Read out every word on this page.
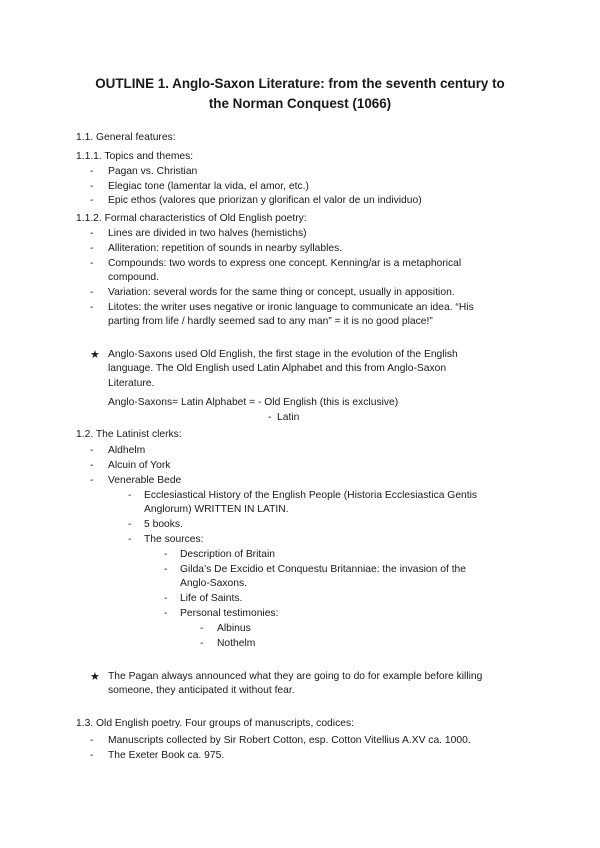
OUTLINE 1. Anglo-Saxon Literature: from the seventh century to
the Norman Conquest (1066)
1.1. General features:
1.1.1. Topics and themes:
- Pagan vs. Christian
- Elegiac tone (lamentar la vida, el amor, etc.)
- Epic ethos (valores que priorizan y glorifican el valor de un individuo)
1.1.2. Formal characteristics of Old English poetry:
- Lines are divided in two halves (hemistichs)
- Alliteration: repetition of sounds in nearby syllables.
- Compounds: two words to express one concept. Kenning/ar is a metaphorical
compound.
- Variation: several words for the same thing or concept, usually in apposition.
- Litotes: the writer uses negative or ironic language to communicate an idea. “His
parting from life / hardly seemed sad to any man” = it is no good place!”
★ Anglo-Saxons used Old English, the first stage in the evolution of the English
language. The Old English used Latin Alphabet and this from Anglo-Saxon
Literature.
Anglo-Saxons= Latin Alphabet = - Old English (this is exclusive)
- Latin
1.2. The Latinist clerks:
- Aldhelm
- Alcuin of York
- Venerable Bede
- Ecclesiastical History of the English People (Historia Ecclesiastica Gentis
Anglorum) WRITTEN IN LATIN.
- 5 books.
- The sources:
- Description of Britain
- Gilda’s De Excidio et Conquestu Britanniae: the invasion of the
Anglo-Saxons.
- Life of Saints.
- Personal testimonies:
- Albinus
- Nothelm
★ The Pagan always announced what they are going to do for example before killing
someone, they anticipated it without fear.
1.3. Old English poetry. Four groups of manuscripts, codices:
- Manuscripts collected by Sir Robert Cotton, esp. Cotton Vitellius A.XV ca. 1000.
- The Exeter Book ca. 975.
